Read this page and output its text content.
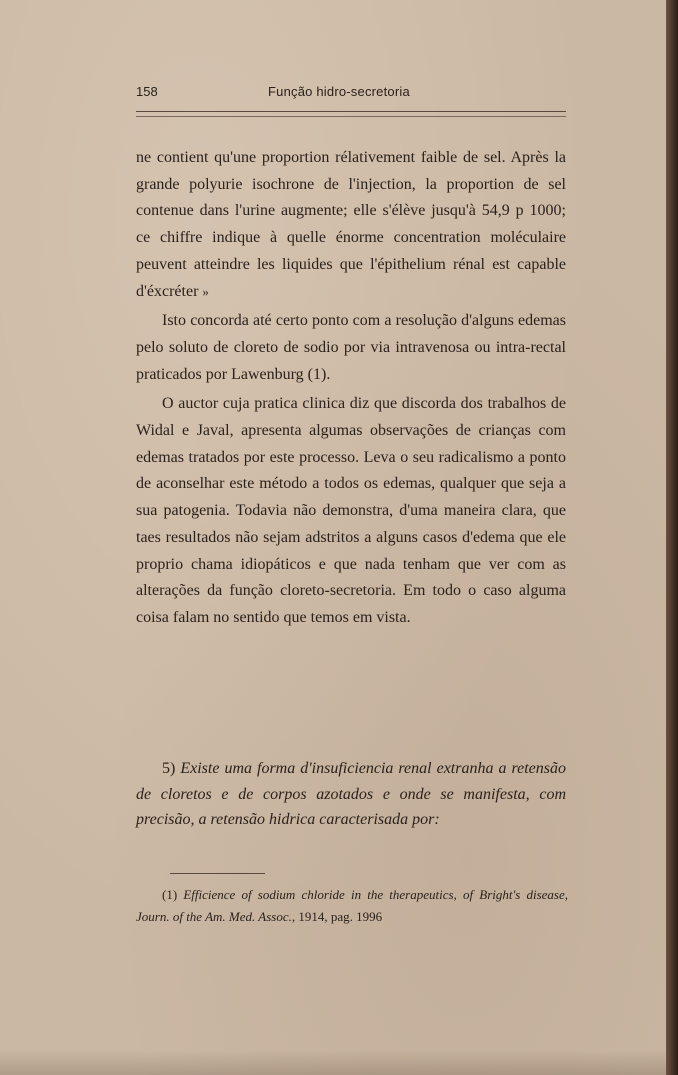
158	Função hidro-secretoria

ne contient qu'une proportion rélativement faible de sel. Après la grande polyurie isochrone de l'injection, la proportion de sel contenue dans l'urine augmente; elle s'élève jusqu'à 54,9 p 1000; ce chiffre indique à quelle énorme concentration moléculaire peuvent atteindre les liquides que l'épithelium rénal est capable d'éxcréter »

Isto concorda até certo ponto com a resolução d'alguns edemas pelo soluto de cloreto de sodio por via intravenosa ou intra-rectal praticados por Lawenburg (1).

O auctor cuja pratica clinica diz que discorda dos trabalhos de Widal e Javal, apresenta algumas observações de crianças com edemas tratados por este processo. Leva o seu radicalismo a ponto de aconselhar este método a todos os edemas, qualquer que seja a sua patogenia. Todavia não demonstra, d'uma maneira clara, que taes resultados não sejam adstritos a alguns casos d'edema que ele proprio chama idiopáticos e que nada tenham que ver com as alterações da função cloreto-secretoria. Em todo o caso alguma coisa falam no sentido que temos em vista.

5) Existe uma forma d'insuficiencia renal extranha a retensão de cloretos e de corpos azotados e onde se manifesta, com precisão, a retensão hidrica caracterisada por:

(1) Efficience of sodium chloride in the therapeutics, of Bright's disease, Journ. of the Am. Med. Assoc., 1914, pag. 1996
